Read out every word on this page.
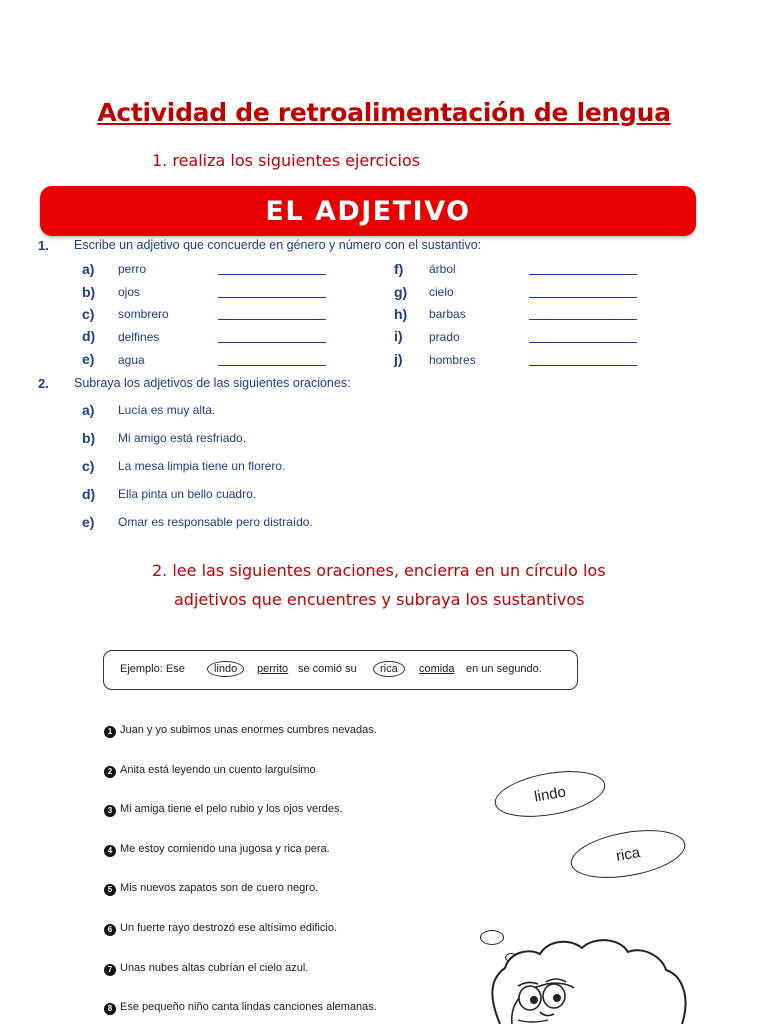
Actividad de retroalimentación de lengua
1. realiza los siguientes ejercicios
EL ADJETIVO
1. Escribe un adjetivo que concuerde en género y número con el sustantivo:
a) perro
b) ojos
c) sombrero
d) delfines
e) agua
f) árbol
g) cielo
h) barbas
i) prado
j) hombres
2. Subraya los adjetivos de las siguientes oraciones:
a) Lucía es muy alta.
b) Mi amigo está resfriado.
c) La mesa limpia tiene un florero.
d) Ella pinta un bello cuadro.
e) Omar es responsable pero distraído.
2. lee las siguientes oraciones, encierra en un círculo los
adjetivos que encuentres y subraya los sustantivos
Ejemplo: Ese	lindo	perrito se comió su	rica	comida en un segundo.
1 Juan y yo subimos unas enormes cumbres nevadas.
2 Anita está leyendo un cuento larguísimo
3 Mi amiga tiene el pelo rubio y los ojos verdes.
4 Me estoy comiendo una jugosa y rica pera.
5 Mis nuevos zapatos son de cuero negro.
6 Un fuerte rayo destrozó ese altísimo edificio.
7 Unas nubes altas cubrían el cielo azul.
8 Ese pequeño niño canta lindas canciones alemanas.
lindo
rica
